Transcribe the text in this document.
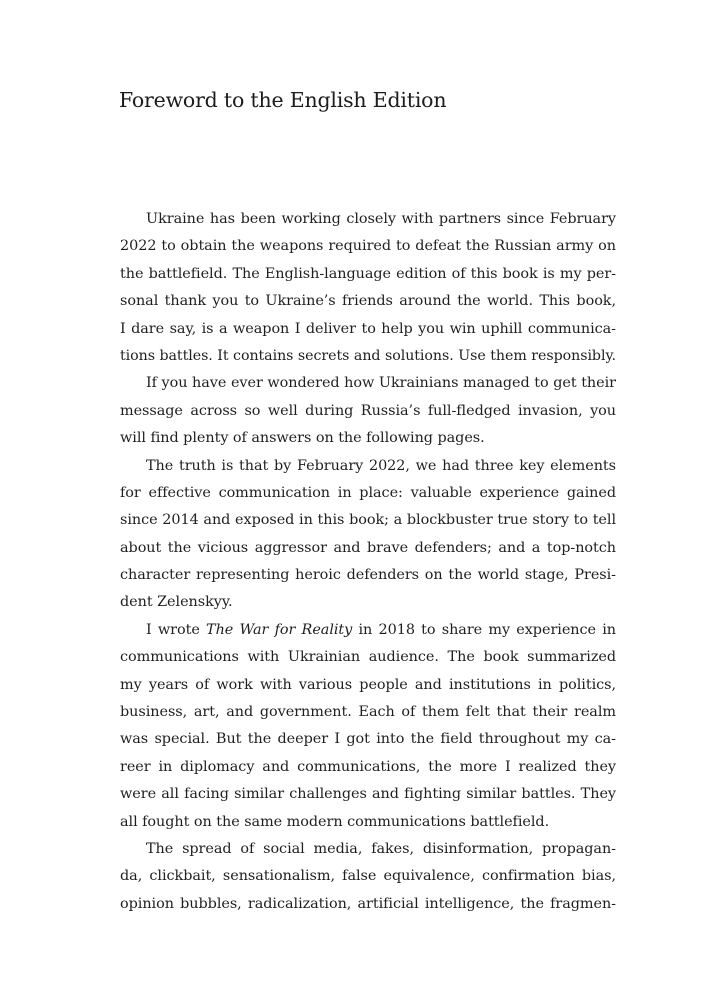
Foreword to the English Edition
Ukraine has been working closely with partners since February
2022 to obtain the weapons required to defeat the Russian army on
the battlefield. The English-language edition of this book is my per-
sonal thank you to Ukraine’s friends around the world. This book,
I dare say, is a weapon I deliver to help you win uphill communica-
tions battles. It contains secrets and solutions. Use them responsibly.
If you have ever wondered how Ukrainians managed to get their
message across so well during Russia’s full-fledged invasion, you
will find plenty of answers on the following pages.
The truth is that by February 2022, we had three key elements
for effective communication in place: valuable experience gained
since 2014 and exposed in this book; a blockbuster true story to tell
about the vicious aggressor and brave defenders; and a top-notch
character representing heroic defenders on the world stage, Presi-
dent Zelenskyy.
I wrote The War for Reality in 2018 to share my experience in
communications with Ukrainian audience. The book summarized
my years of work with various people and institutions in politics,
business, art, and government. Each of them felt that their realm
was special. But the deeper I got into the field throughout my ca-
reer in diplomacy and communications, the more I realized they
were all facing similar challenges and fighting similar battles. They
all fought on the same modern communications battlefield.
The spread of social media, fakes, disinformation, propagan-
da, clickbait, sensationalism, false equivalence, confirmation bias,
opinion bubbles, radicalization, artificial intelligence, the fragmen-
